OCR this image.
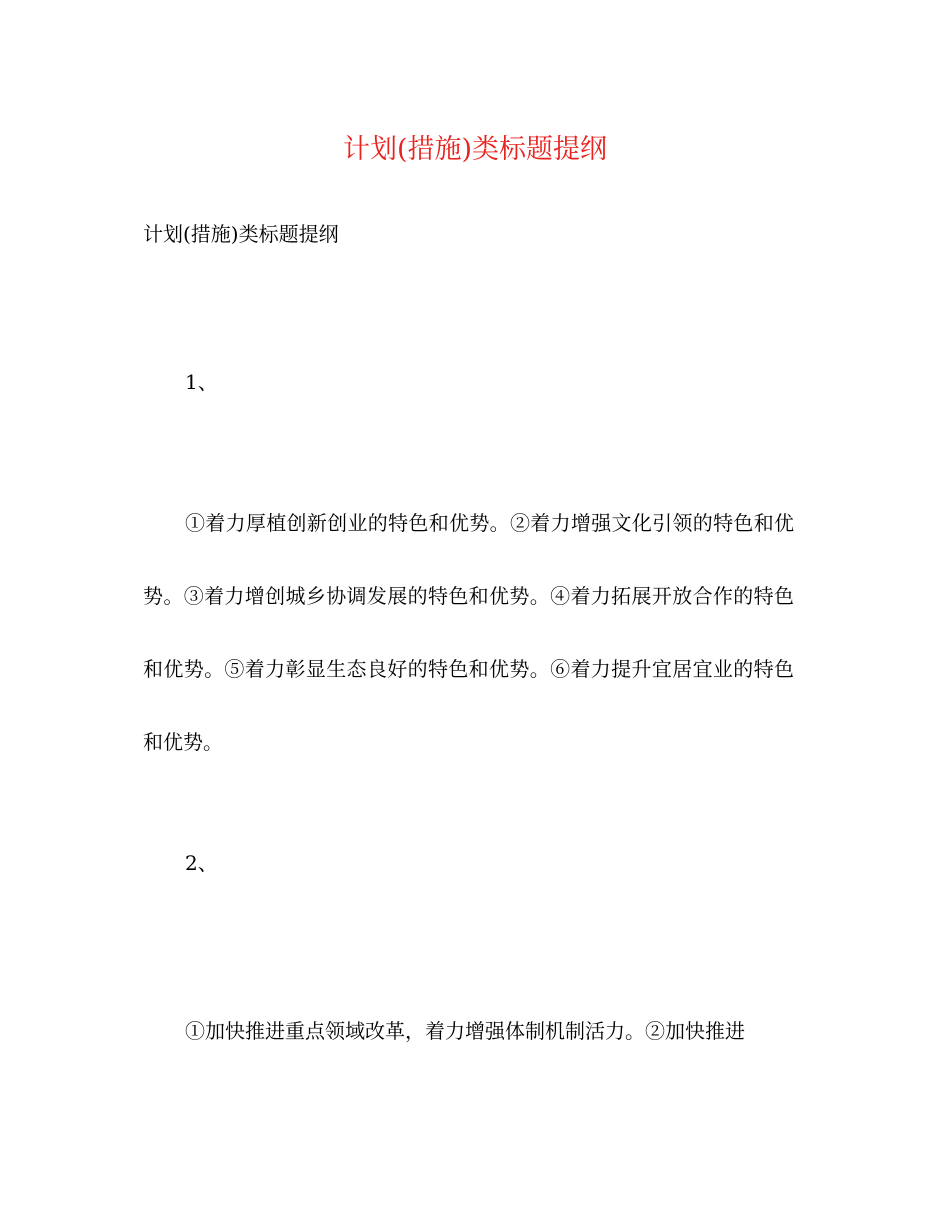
计划(措施)类标题提纲

计划(措施)类标题提纲

1、

①着力厚植创新创业的特色和优势。②着力增强文化引领的特色和优势。③着力增创城乡协调发展的特色和优势。④着力拓展开放合作的特色和优势。⑤着力彰显生态良好的特色和优势。⑥着力提升宜居宜业的特色和优势。

2、

①加快推进重点领域改革，着力增强体制机制活力。②加快推进
